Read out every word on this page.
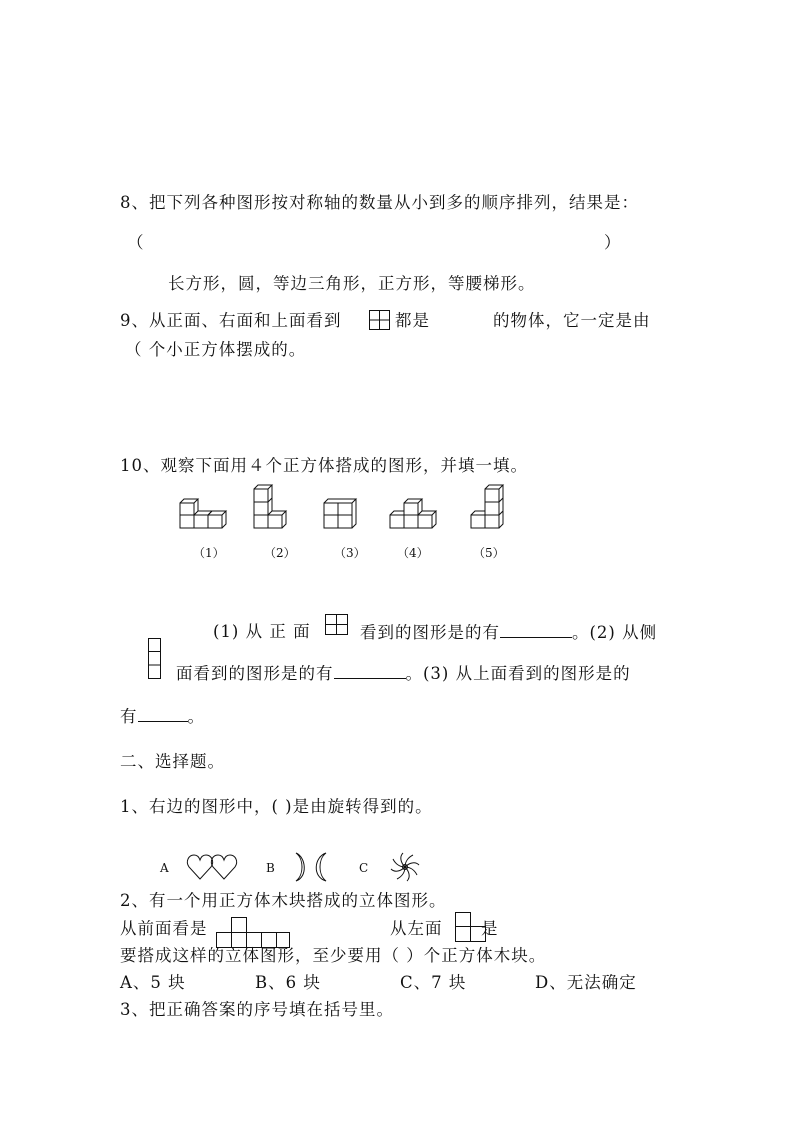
8、把下列各种图形按对称轴的数量从小到多的顺序排列，结果是：
（	）
长方形，圆，等边三角形，正方形，等腰梯形。
9、从正面、右面和上面看到	都是	的物体，它一定是由
（ 个小正方体摆成的。
10、观察下面用４个正方体搭成的图形，并填一填。
（1）	（2）	（3）	（4）	（5）
(1) 从 正 面	看到的图形是的有	。(2) 从侧
面看到的图形是的有	。(3) 从上面看到的图形是的
有	。
二、选择题。
1、右边的图形中，( )是由旋转得到的。
A	B	C
2、有一个用正方体木块搭成的立体图形。
从前面看是	从左面 是
要搭成这样的立体图形，至少要用（ ）个正方体木块。
A、5 块	B、6 块	C、7 块	D、无法确定
3、把正确答案的序号填在括号里。
